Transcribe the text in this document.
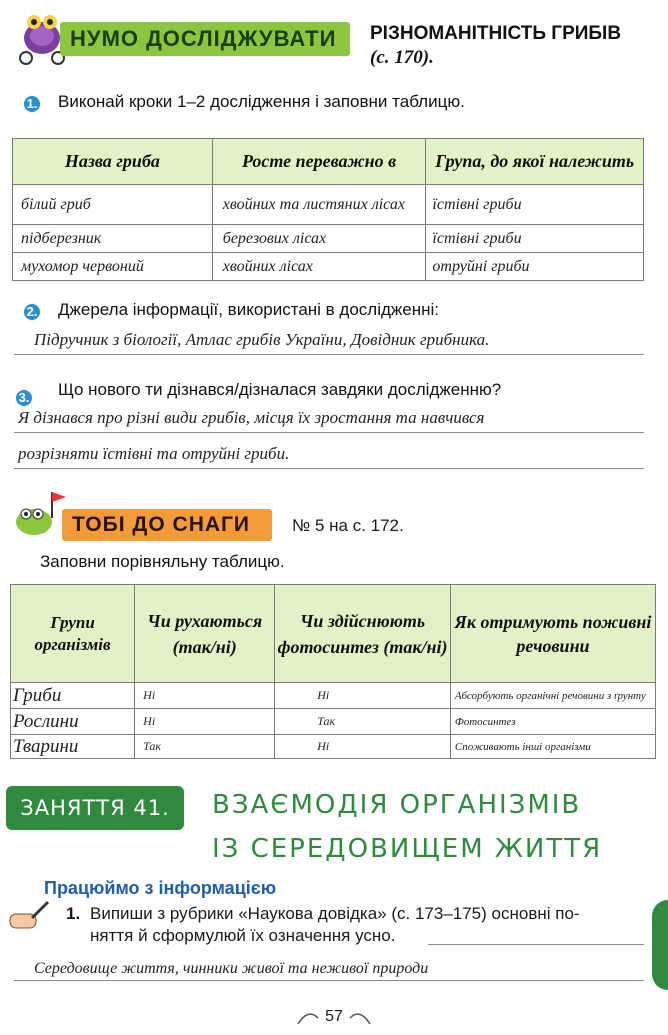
НУМО ДОСЛІДЖУВАТИ РІЗНОМАНІТНІСТЬ ГРИБІВ
(с. 170).
1. Виконай кроки 1–2 дослідження і заповни таблицю.
Назва гриба	Росте переважно в	Група, до якої належить
білий гриб	хвойних та листяних лісах	їстівні гриби
підберезник	березових лісах	їстівні гриби
мухомор червоний	хвойних лісах	отруйні гриби
2. Джерела інформації, використані в дослідженні:
Підручник з біології, Атлас грибів України, Довідник грибника.
3. Що нового ти дізнався/дізналася завдяки дослідженню?
Я дізнався про різні види грибів, місця їх зростання та навчився
розрізняти їстівні та отруйні гриби.
ТОБІ ДО СНАГИ № 5 на с. 172.
Заповни порівняльну таблицю.
Групи організмів	Чи рухаються (так/ні)	Чи здійснюють фотосинтез (так/ні)	Як отримують поживні речовини
Гриби	Ні	Ні	Абсорбують органічні речовини з ґрунту
Рослини	Ні	Так	Фотосинтез
Тварини	Так	Ні	Споживають інші організми
ЗАНЯТТЯ 41. ВЗАЄМОДІЯ ОРГАНІЗМІВ
ІЗ СЕРЕДОВИЩЕМ ЖИТТЯ
Працюймо з інформацією
1. Випиши з рубрики «Наукова довідка» (с. 173–175) основні по-
няття й сформулюй їх означення усно.
Середовище життя, чинники живої та неживої природи
57
